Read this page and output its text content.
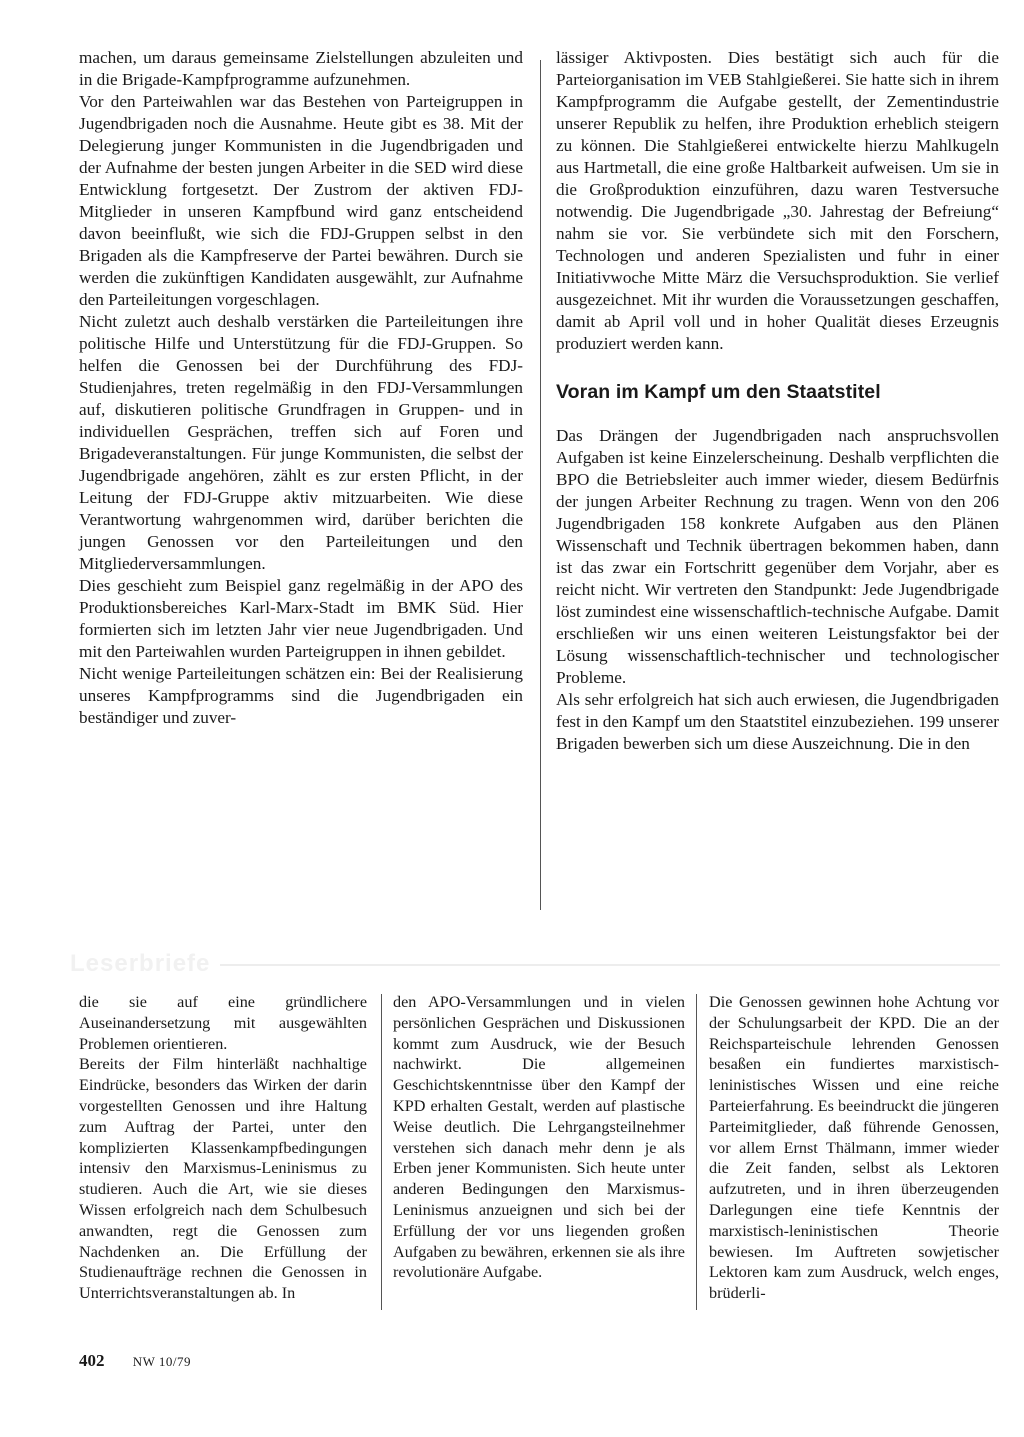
machen, um daraus gemeinsame Zielstellungen abzuleiten und in die Brigade-Kampfprogramme aufzunehmen.

Vor den Parteiwahlen war das Bestehen von Parteigruppen in Jugendbrigaden noch die Ausnahme. Heute gibt es 38. Mit der Delegierung junger Kommunisten in die Jugendbrigaden und der Aufnahme der besten jungen Arbeiter in die SED wird diese Entwicklung fortgesetzt. Der Zustrom der aktiven FDJ-Mitglieder in unseren Kampfbund wird ganz entscheidend davon beeinflußt, wie sich die FDJ-Gruppen selbst in den Brigaden als die Kampfreserve der Partei bewähren. Durch sie werden die zukünftigen Kandidaten ausgewählt, zur Aufnahme den Parteileitungen vorgeschlagen.

Nicht zuletzt auch deshalb verstärken die Parteileitungen ihre politische Hilfe und Unterstützung für die FDJ-Gruppen. So helfen die Genossen bei der Durchführung des FDJ-Studienjahres, treten regelmäßig in den FDJ-Versammlungen auf, diskutieren politische Grundfragen in Gruppen- und in individuellen Gesprächen, treffen sich auf Foren und Brigadeveranstaltungen. Für junge Kommunisten, die selbst der Jugendbrigade angehören, zählt es zur ersten Pflicht, in der Leitung der FDJ-Gruppe aktiv mitzuarbeiten. Wie diese Verantwortung wahrgenommen wird, darüber berichten die jungen Genossen vor den Parteileitungen und den Mitgliederversammlungen.

Dies geschieht zum Beispiel ganz regelmäßig in der APO des Produktionsbereiches Karl-Marx-Stadt im BMK Süd. Hier formierten sich im letzten Jahr vier neue Jugendbrigaden. Und mit den Parteiwahlen wurden Parteigruppen in ihnen gebildet.

Nicht wenige Parteileitungen schätzen ein: Bei der Realisierung unseres Kampfprogramms sind die Jugendbrigaden ein beständiger und zuver-

lässiger Aktivposten. Dies bestätigt sich auch für die Parteiorganisation im VEB Stahlgießerei. Sie hatte sich in ihrem Kampfprogramm die Aufgabe gestellt, der Zementindustrie unserer Republik zu helfen, ihre Produktion erheblich steigern zu können. Die Stahlgießerei entwickelte hierzu Mahlkugeln aus Hartmetall, die eine große Haltbarkeit aufweisen. Um sie in die Großproduktion einzuführen, dazu waren Testversuche notwendig. Die Jugendbrigade „30. Jahrestag der Befreiung“ nahm sie vor. Sie verbündete sich mit den Forschern, Technologen und anderen Spezialisten und fuhr in einer Initiativwoche Mitte März die Versuchsproduktion. Sie verlief ausgezeichnet. Mit ihr wurden die Voraussetzungen geschaffen, damit ab April voll und in hoher Qualität dieses Erzeugnis produziert werden kann.

Voran im Kampf um den Staatstitel

Das Drängen der Jugendbrigaden nach anspruchsvollen Aufgaben ist keine Einzelerscheinung. Deshalb verpflichten die BPO die Betriebsleiter auch immer wieder, diesem Bedürfnis der jungen Arbeiter Rechnung zu tragen. Wenn von den 206 Jugendbrigaden 158 konkrete Aufgaben aus den Plänen Wissenschaft und Technik übertragen bekommen haben, dann ist das zwar ein Fortschritt gegenüber dem Vorjahr, aber es reicht nicht. Wir vertreten den Standpunkt: Jede Jugendbrigade löst zumindest eine wissenschaftlich-technische Aufgabe. Damit erschließen wir uns einen weiteren Leistungsfaktor bei der Lösung wissenschaftlich-technischer und technologischer Probleme.

Als sehr erfolgreich hat sich auch erwiesen, die Jugendbrigaden fest in den Kampf um den Staatstitel einzubeziehen. 199 unserer Brigaden bewerben sich um diese Auszeichnung. Die in den

Leserbriefe

die sie auf eine gründlichere Auseinandersetzung mit ausgewählten Problemen orientieren.

Bereits der Film hinterläßt nachhaltige Eindrücke, besonders das Wirken der darin vorgestellten Genossen und ihre Haltung zum Auftrag der Partei, unter den komplizierten Klassenkampfbedingungen intensiv den Marxismus-Leninismus zu studieren. Auch die Art, wie sie dieses Wissen erfolgreich nach dem Schulbesuch anwandten, regt die Genossen zum Nachdenken an. Die Erfüllung der Studienaufträge rechnen die Genossen in Unterrichtsveranstaltungen ab. In

den APO-Versammlungen und in vielen persönlichen Gesprächen und Diskussionen kommt zum Ausdruck, wie der Besuch nachwirkt. Die allgemeinen Geschichtskenntnisse über den Kampf der KPD erhalten Gestalt, werden auf plastische Weise deutlich. Die Lehrgangsteilnehmer verstehen sich danach mehr denn je als Erben jener Kommunisten. Sich heute unter anderen Bedingungen den Marxismus-Leninismus anzueignen und sich bei der Erfüllung der vor uns liegenden großen Aufgaben zu bewähren, erkennen sie als ihre revolutionäre Aufgabe.

Die Genossen gewinnen hohe Achtung vor der Schulungsarbeit der KPD. Die an der Reichsparteischule lehrenden Genossen besaßen ein fundiertes marxistisch-leninistisches Wissen und eine reiche Parteierfahrung. Es beeindruckt die jüngeren Parteimitglieder, daß führende Genossen, vor allem Ernst Thälmann, immer wieder die Zeit fanden, selbst als Lektoren aufzutreten, und in ihren überzeugenden Darlegungen eine tiefe Kenntnis der marxistisch-leninistischen Theorie bewiesen. Im Auftreten sowjetischer Lektoren kam zum Ausdruck, welch enges, brüderli-

402 NW 10/79
